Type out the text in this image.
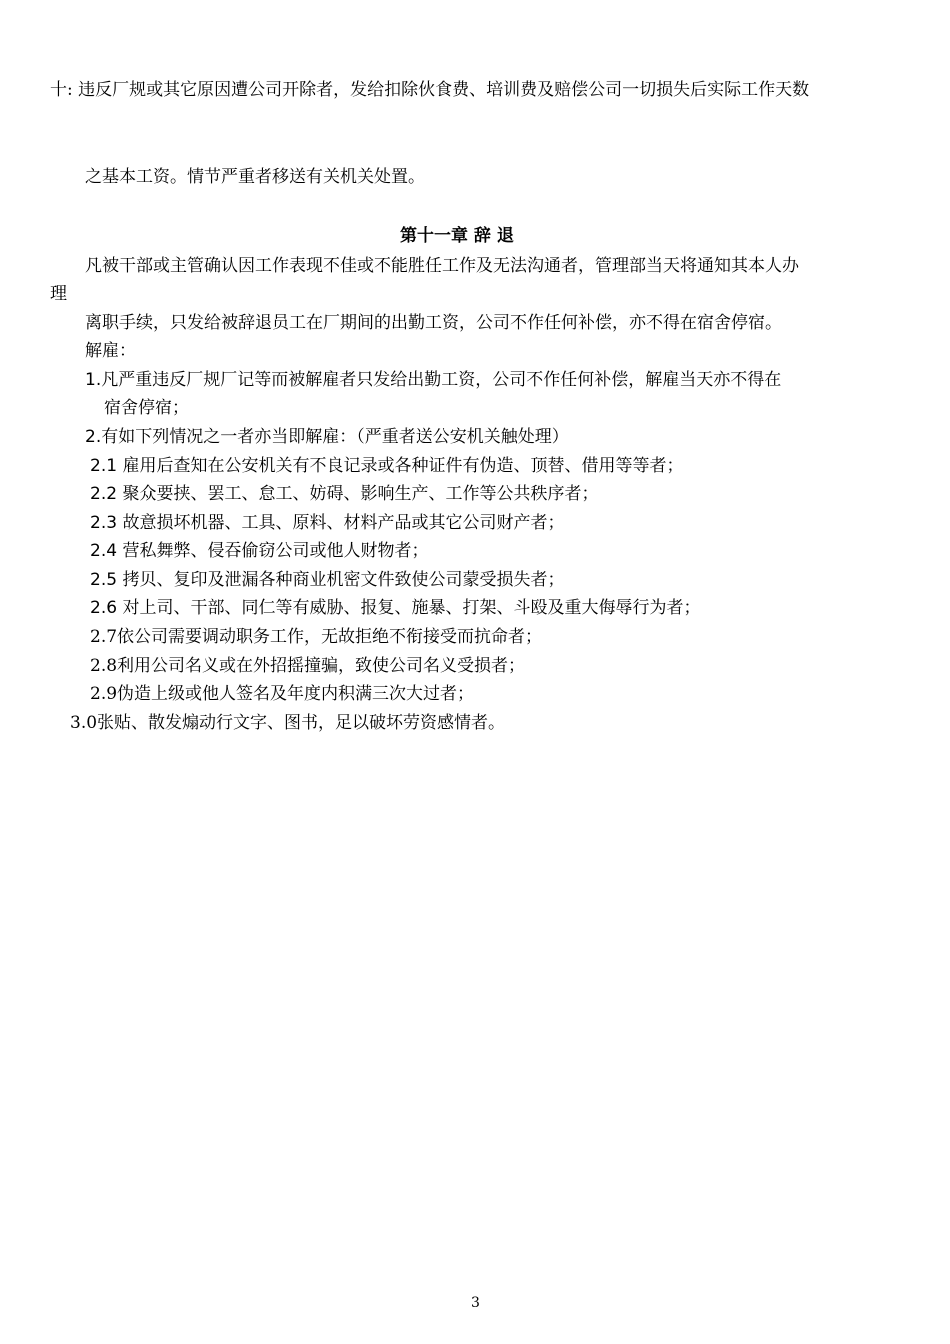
十: 违反厂规或其它原因遭公司开除者，发给扣除伙食费、培训费及赔偿公司一切损失后实际工作天数
之基本工资。情节严重者移送有关机关处置。
第十一章 辞 退
凡被干部或主管确认因工作表现不佳或不能胜任工作及无法沟通者，管理部当天将通知其本人办
理
离职手续，只发给被辞退员工在厂期间的出勤工资，公司不作任何补偿，亦不得在宿舍停宿。
解雇：
1.凡严重违反厂规厂记等而被解雇者只发给出勤工资，公司不作任何补偿，解雇当天亦不得在
宿舍停宿；
2.有如下列情况之一者亦当即解雇：（严重者送公安机关触处理）
2.1 雇用后查知在公安机关有不良记录或各种证件有伪造、顶替、借用等等者；
2.2 聚众要挟、罢工、怠工、妨碍、影响生产、工作等公共秩序者；
2.3 故意损坏机器、工具、原料、材料产品或其它公司财产者；
2.4 营私舞弊、侵吞偷窃公司或他人财物者；
2.5 拷贝、复印及泄漏各种商业机密文件致使公司蒙受损失者；
2.6 对上司、干部、同仁等有威胁、报复、施暴、打架、斗殴及重大侮辱行为者；
2.7依公司需要调动职务工作，无故拒绝不衔接受而抗命者；
2.8利用公司名义或在外招摇撞骗，致使公司名义受损者；
2.9伪造上级或他人签名及年度内积满三次大过者；
3.0张贴、散发煽动行文字、图书，足以破坏劳资感情者。
3
